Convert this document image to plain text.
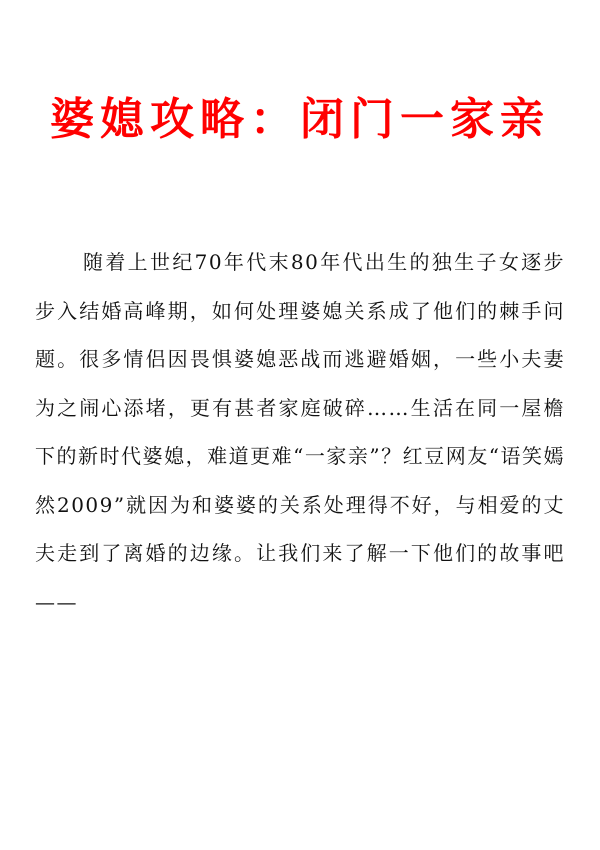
婆媳攻略：闭门一家亲

随着上世纪70年代末80年代出生的独生子女逐步步入结婚高峰期，如何处理婆媳关系成了他们的棘手问题。很多情侣因畏惧婆媳恶战而逃避婚姻，一些小夫妻为之闹心添堵，更有甚者家庭破碎……生活在同一屋檐下的新时代婆媳，难道更难“一家亲”？红豆网友“语笑嫣然2009”就因为和婆婆的关系处理得不好，与相爱的丈夫走到了离婚的边缘。让我们来了解一下他们的故事吧——
